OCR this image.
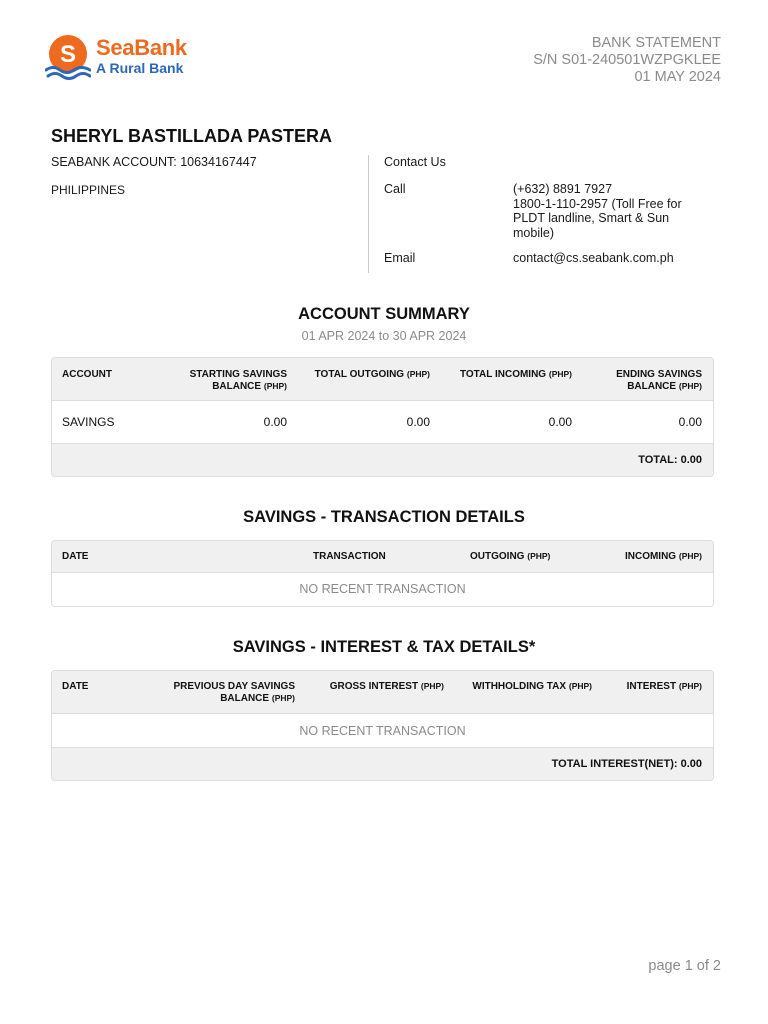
S SeaBank
A Rural Bank
BANK STATEMENT
S/N S01-240501WZPGKLEE
01 MAY 2024
SHERYL BASTILLADA PASTERA
SEABANK ACCOUNT: 10634167447
PHILIPPINES
Contact Us
Call	(+632) 8891 7927
1800-1-110-2957 (Toll Free for
PLDT landline, Smart & Sun
mobile)
Email	contact@cs.seabank.com.ph
ACCOUNT SUMMARY
01 APR 2024 to 30 APR 2024
ACCOUNT	STARTING SAVINGS
BALANCE (PHP)
TOTAL OUTGOING (PHP)	TOTAL INCOMING (PHP)	ENDING SAVINGS
BALANCE (PHP)
SAVINGS	0.00	0.00	0.00	0.00
TOTAL: 0.00
SAVINGS - TRANSACTION DETAILS
DATE	TRANSACTION	OUTGOING (PHP)	INCOMING (PHP)
NO RECENT TRANSACTION
SAVINGS - INTEREST & TAX DETAILS*
DATE	PREVIOUS DAY SAVINGS
BALANCE (PHP)
GROSS INTEREST (PHP)	WITHHOLDING TAX (PHP)	INTEREST (PHP)
NO RECENT TRANSACTION
TOTAL INTEREST(NET): 0.00
page 1 of 2
